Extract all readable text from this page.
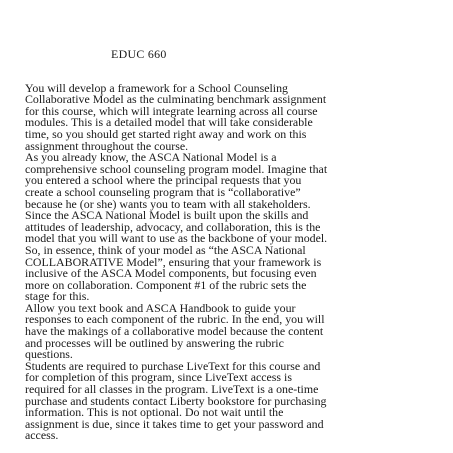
EDUC 660
You will develop a framework for a School Counseling
Collaborative Model as the culminating benchmark assignment
for this course, which will integrate learning across all course
modules. This is a detailed model that will take considerable
time, so you should get started right away and work on this
assignment throughout the course.
As you already know, the ASCA National Model is a
comprehensive school counseling program model. Imagine that
you entered a school where the principal requests that you
create a school counseling program that is “collaborative”
because he (or she) wants you to team with all stakeholders.
Since the ASCA National Model is built upon the skills and
attitudes of leadership, advocacy, and collaboration, this is the
model that you will want to use as the backbone of your model.
So, in essence, think of your model as “the ASCA National
COLLABORATIVE Model”, ensuring that your framework is
inclusive of the ASCA Model components, but focusing even
more on collaboration. Component #1 of the rubric sets the
stage for this.
Allow you text book and ASCA Handbook to guide your
responses to each component of the rubric. In the end, you will
have the makings of a collaborative model because the content
and processes will be outlined by answering the rubric
questions.
Students are required to purchase LiveText for this course and
for completion of this program, since LiveText access is
required for all classes in the program. LiveText is a one-time
purchase and students contact Liberty bookstore for purchasing
information. This is not optional. Do not wait until the
assignment is due, since it takes time to get your password and
access.
